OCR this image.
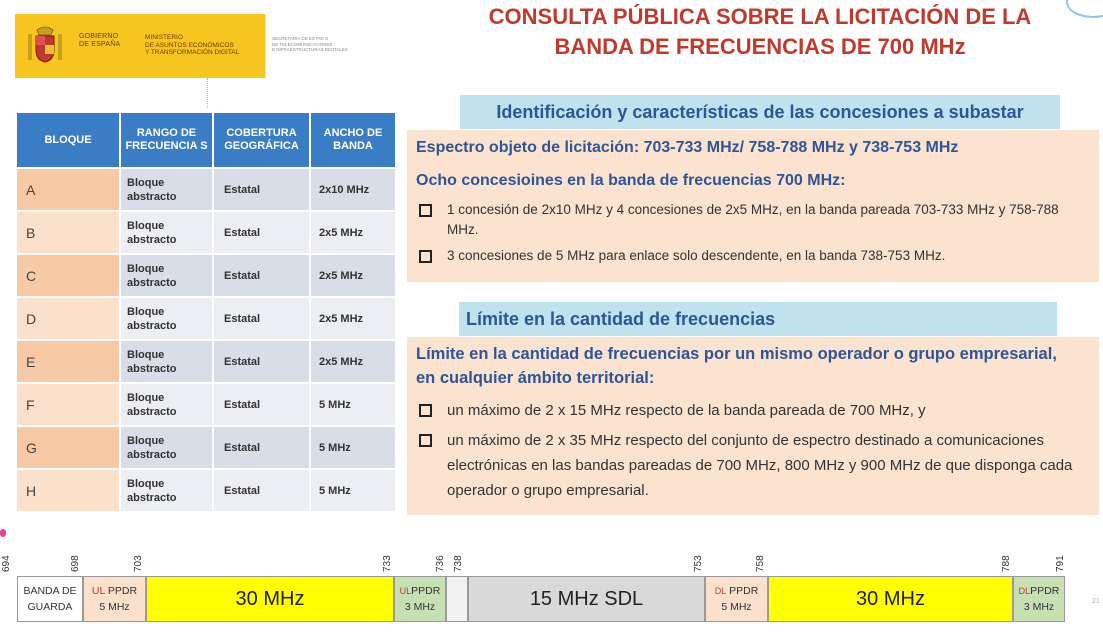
GOBIERNO
DE ESPAÑA
MINISTERIO
DE ASUNTOS ECONÓMICOS
Y TRANSFORMACIÓN DIGITAL
SECRETARÍA DE ESTAD O
DE TELECOMUNICACIONES
E INFRAESTRUCTURAS DIGITALES
CONSULTA PÚBLICA SOBRE LA LICITACIÓN DE LA
BANDA DE FRECUENCIAS DE 700 MHz
BLOQUE	RANGO DE FRECUENCIA S	COBERTURA GEOGRÁFICA	ANCHO DE BANDA
A	Bloque abstracto	Estatal	2x10 MHz
B	Bloque abstracto	Estatal	2x5 MHz
C	Bloque abstracto	Estatal	2x5 MHz
D	Bloque abstracto	Estatal	2x5 MHz
E	Bloque abstracto	Estatal	2x5 MHz
F	Bloque abstracto	Estatal	5 MHz
G	Bloque abstracto	Estatal	5 MHz
H	Bloque abstracto	Estatal	5 MHz
Identificación y características de las concesiones a subastar
Espectro objeto de licitación: 703-733 MHz/ 758-788 MHz y 738-753 MHz
Ocho concesioines en la banda de frecuencias 700 MHz:
1 concesión de 2x10 MHz y 4 concesiones de 2x5 MHz, en la banda pareada 703-733 MHz y 758-788 MHz.
3 concesiones de 5 MHz para enlace solo descendente, en la banda 738-753 MHz.
Límite en la cantidad de frecuencias
Límite en la cantidad de frecuencias por un mismo operador o grupo empresarial, en cualquier ámbito territorial:
un máximo de 2 x 15 MHz respecto de la banda pareada de 700 MHz, y
un máximo de 2 x 35 MHz respecto del conjunto de espectro destinado a comunicaciones electrónicas en las bandas pareadas de 700 MHz, 800 MHz y 900 MHz de que disponga cada operador o grupo empresarial.
694	698	703	733	736 738	753	758	788	791
BANDA DE
GUARDA
UL PPDR
5 MHz	30 MHz	ULPPDR
3 MHz	15 MHz SDL	DL PPDR
5 MHz	30 MHz	DLPPDR
3 MHz	21
